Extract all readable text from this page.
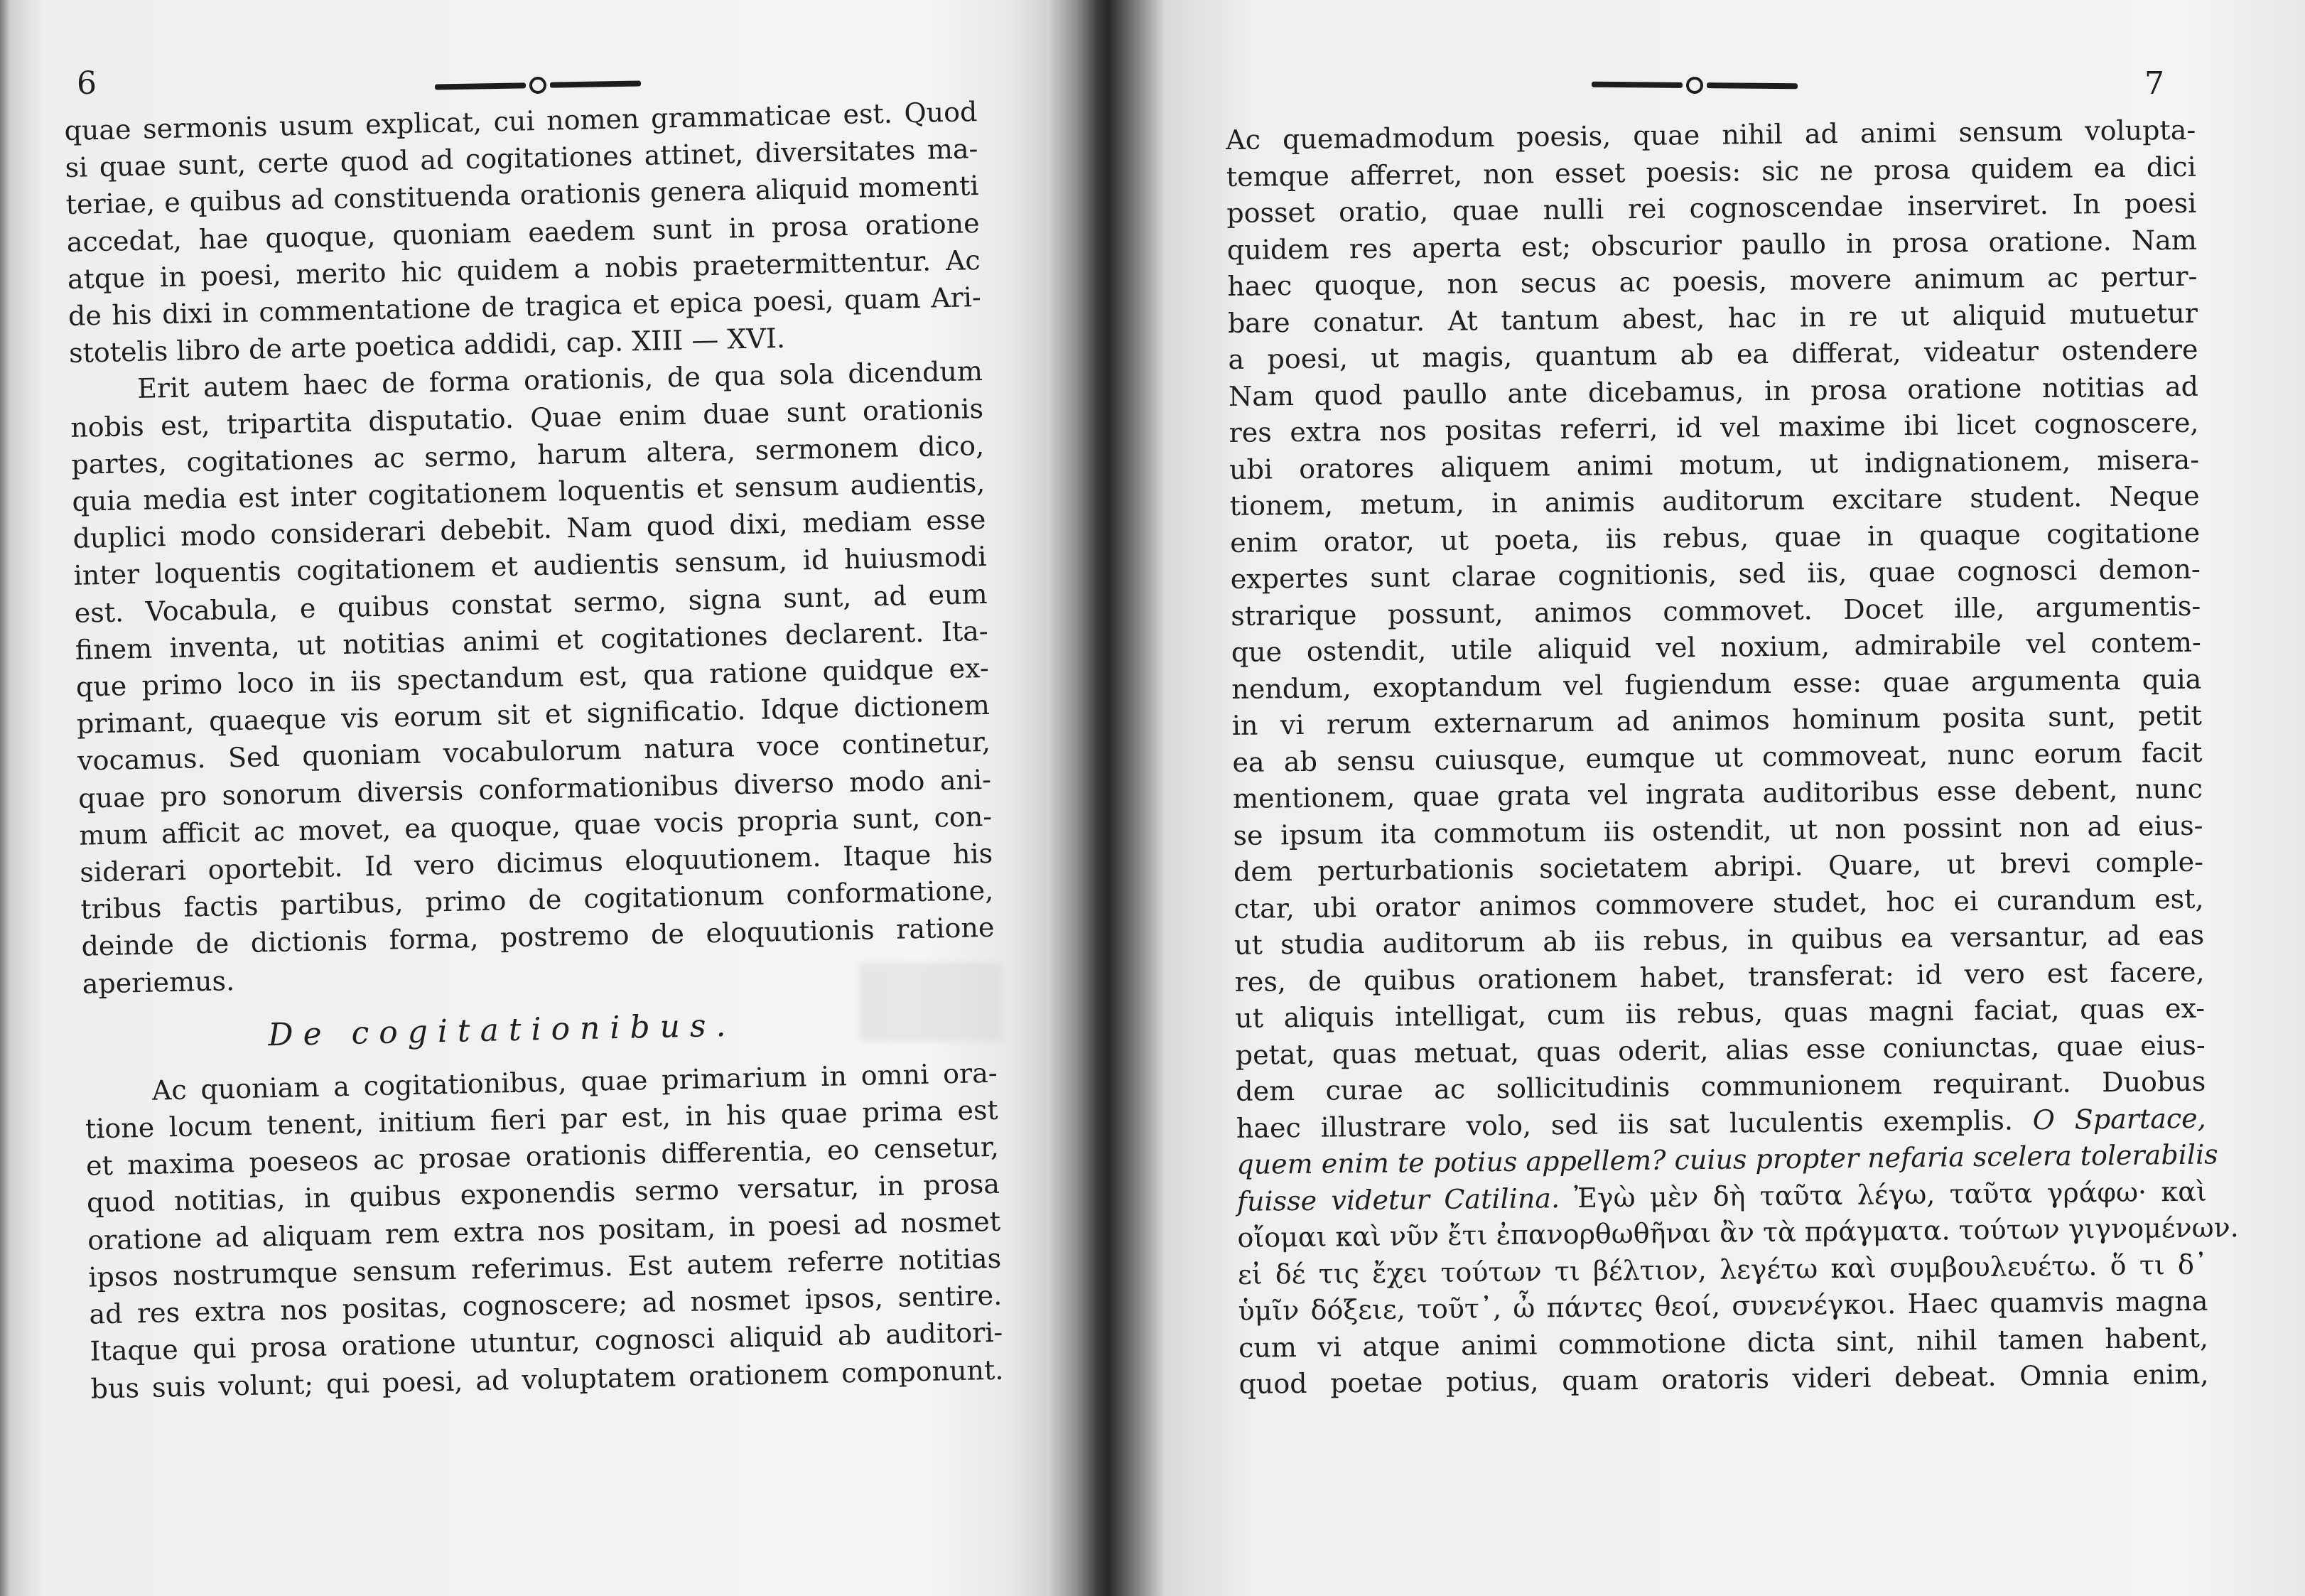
6
quae sermonis usum explicat, cui nomen grammaticae est. Quod
si quae sunt, certe quod ad cogitationes attinet, diversitates ma-
teriae, e quibus ad constituenda orationis genera aliquid momenti
accedat, hae quoque, quoniam eaedem sunt in prosa oratione
atque in poesi, merito hic quidem a nobis praetermittentur. Ac
de his dixi in commentatione de tragica et epica poesi, quam Ari-
stotelis libro de arte poetica addidi, cap. XIII — XVI.
Erit autem haec de forma orationis, de qua sola dicendum
nobis est, tripartita disputatio. Quae enim duae sunt orationis
partes, cogitationes ac sermo, harum altera, sermonem dico,
quia media est inter cogitationem loquentis et sensum audientis,
duplici modo considerari debebit. Nam quod dixi, mediam esse
inter loquentis cogitationem et audientis sensum, id huiusmodi
est. Vocabula, e quibus constat sermo, signa sunt, ad eum
finem inventa, ut notitias animi et cogitationes declarent. Ita-
que primo loco in iis spectandum est, qua ratione quidque ex-
primant, quaeque vis eorum sit et significatio. Idque dictionem
vocamus. Sed quoniam vocabulorum natura voce continetur,
quae pro sonorum diversis conformationibus diverso modo ani-
mum afficit ac movet, ea quoque, quae vocis propria sunt, con-
siderari oportebit. Id vero dicimus eloquutionem. Itaque his
tribus factis partibus, primo de cogitationum conformatione,
deinde de dictionis forma, postremo de eloquutionis ratione
aperiemus.
De cogitationibus.
Ac quoniam a cogitationibus, quae primarium in omni ora-
tione locum tenent, initium fieri par est, in his quae prima est
et maxima poeseos ac prosae orationis differentia, eo censetur,
quod notitias, in quibus exponendis sermo versatur, in prosa
oratione ad aliquam rem extra nos positam, in poesi ad nosmet
ipsos nostrumque sensum referimus. Est autem referre notitias
ad res extra nos positas, cognoscere; ad nosmet ipsos, sentire.
Itaque qui prosa oratione utuntur, cognosci aliquid ab auditori-
bus suis volunt; qui poesi, ad voluptatem orationem componunt.
7
Ac quemadmodum poesis, quae nihil ad animi sensum volupta-
temque afferret, non esset poesis: sic ne prosa quidem ea dici
posset oratio, quae nulli rei cognoscendae inserviret. In poesi
quidem res aperta est; obscurior paullo in prosa oratione. Nam
haec quoque, non secus ac poesis, movere animum ac pertur-
bare conatur. At tantum abest, hac in re ut aliquid mutuetur
a poesi, ut magis, quantum ab ea differat, videatur ostendere
Nam quod paullo ante dicebamus, in prosa oratione notitias ad
res extra nos positas referri, id vel maxime ibi licet cognoscere,
ubi oratores aliquem animi motum, ut indignationem, misera-
tionem, metum, in animis auditorum excitare student. Neque
enim orator, ut poeta, iis rebus, quae in quaque cogitatione
expertes sunt clarae cognitionis, sed iis, quae cognosci demon-
strarique possunt, animos commovet. Docet ille, argumentis-
que ostendit, utile aliquid vel noxium, admirabile vel contem-
nendum, exoptandum vel fugiendum esse: quae argumenta quia
in vi rerum externarum ad animos hominum posita sunt, petit
ea ab sensu cuiusque, eumque ut commoveat, nunc eorum facit
mentionem, quae grata vel ingrata auditoribus esse debent, nunc
se ipsum ita commotum iis ostendit, ut non possint non ad eius-
dem perturbationis societatem abripi. Quare, ut brevi comple-
ctar, ubi orator animos commovere studet, hoc ei curandum est,
ut studia auditorum ab iis rebus, in quibus ea versantur, ad eas
res, de quibus orationem habet, transferat: id vero est facere,
ut aliquis intelligat, cum iis rebus, quas magni faciat, quas ex-
petat, quas metuat, quas oderit, alias esse coniunctas, quae eius-
dem curae ac sollicitudinis communionem requirant. Duobus
haec illustrare volo, sed iis sat luculentis exemplis. O Spartace,
quem enim te potius appellem? cuius propter nefaria scelera tolerabilis
fuisse videtur Catilina. Ἐγὼ μὲν δὴ ταῦτα λέγω, ταῦτα γράφω· καὶ
οἴομαι καὶ νῦν ἔτι ἐπανορθωθῆναι ἂν τὰ πράγματα. τούτων γιγνομένων.
εἰ δέ τις ἔχει τούτων τι βέλτιον, λεγέτω καὶ συμβουλευέτω. ὅ τι δ᾽
ὑμῖν δόξειε, τοῦτ᾽, ὦ πάντες θεοί, συνενέγκοι. Haec quamvis magna
cum vi atque animi commotione dicta sint, nihil tamen habent,
quod poetae potius, quam oratoris videri debeat. Omnia enim,
